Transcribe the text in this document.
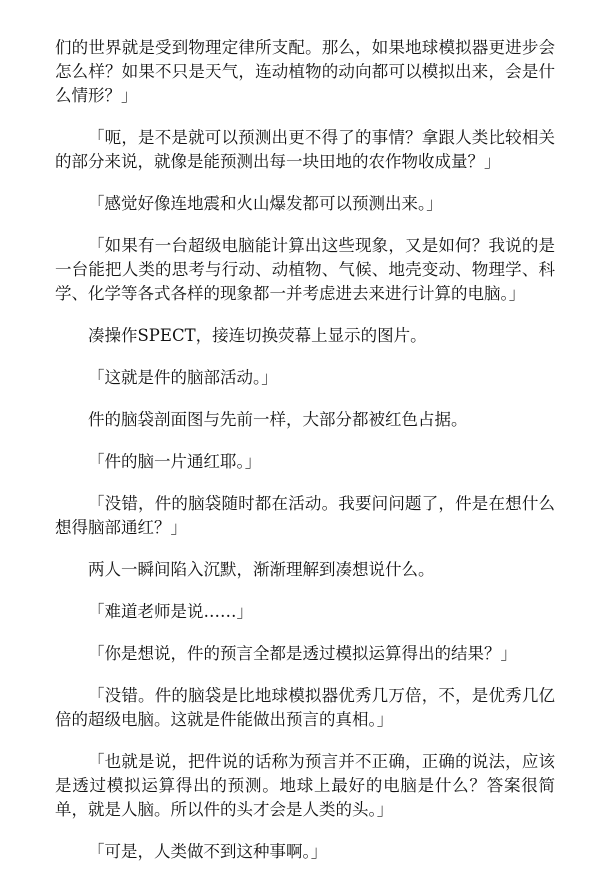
们的世界就是受到物理定律所支配。那么，如果地球模拟器更进步会怎么样？如果不只是天气，连动植物的动向都可以模拟出来，会是什么情形？」

「呃，是不是就可以预测出更不得了的事情？拿跟人类比较相关的部分来说，就像是能预测出每一块田地的农作物收成量？」

「感觉好像连地震和火山爆发都可以预测出来。」

「如果有一台超级电脑能计算出这些现象，又是如何？我说的是一台能把人类的思考与行动、动植物、气候、地壳变动、物理学、科学、化学等各式各样的现象都一并考虑进去来进行计算的电脑。」

凑操作SPECT，接连切换荧幕上显示的图片。

「这就是件的脑部活动。」

件的脑袋剖面图与先前一样，大部分都被红色占据。

「件的脑一片通红耶。」

「没错，件的脑袋随时都在活动。我要问问题了，件是在想什么想得脑部通红？」

两人一瞬间陷入沉默，渐渐理解到凑想说什么。

「难道老师是说……」

「你是想说，件的预言全都是透过模拟运算得出的结果？」

「没错。件的脑袋是比地球模拟器优秀几万倍，不，是优秀几亿倍的超级电脑。这就是件能做出预言的真相。」

「也就是说，把件说的话称为预言并不正确，正确的说法，应该是透过模拟运算得出的预测。地球上最好的电脑是什么？答案很简单，就是人脑。所以件的头才会是人类的头。」

「可是，人类做不到这种事啊。」
